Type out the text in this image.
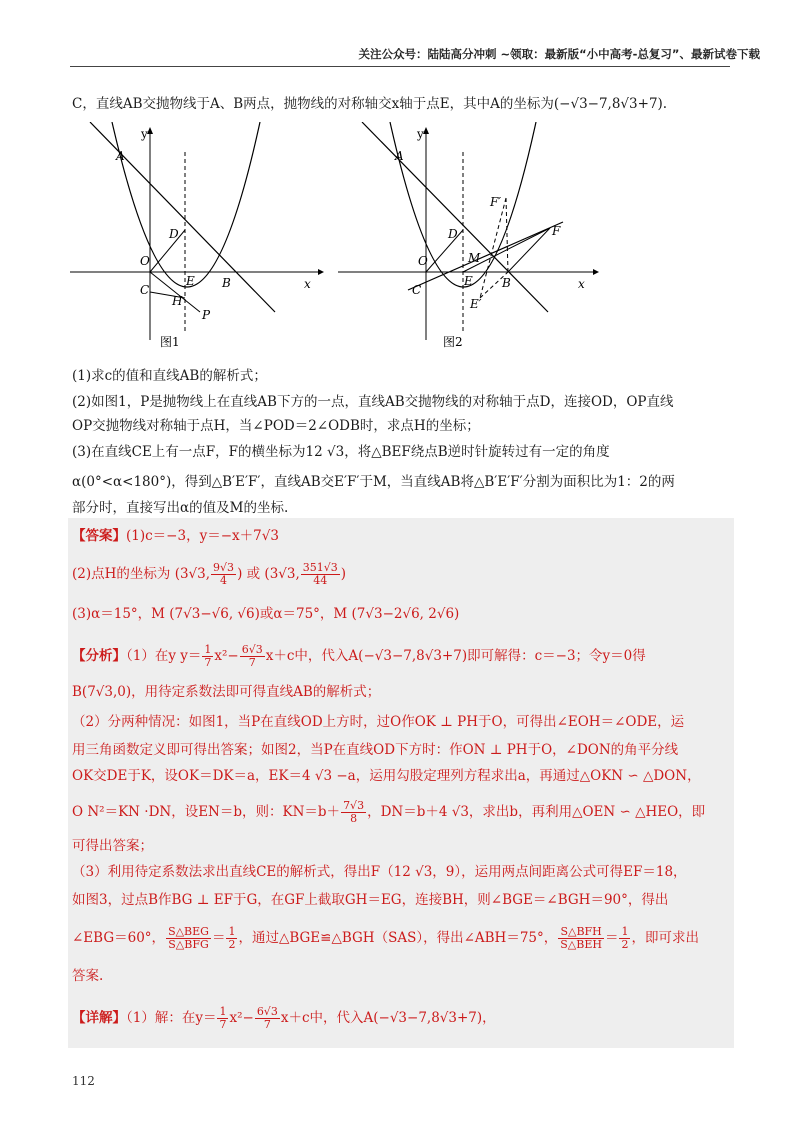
关注公众号：陆陆高分冲刺 ~领取：最新版“小中高考-总复习”、最新试卷下载
C，直线AB交抛物线于A、B两点，抛物线的对称轴交x轴于点E，其中A的坐标为(−√3−7,8√3+7).
y
A
D
O
C
E B
H
P
x
图1
y
A
F′
F
D
M
O
C
E B
E′
x
图2
(1)求c的值和直线AB的解析式；
(2)如图1，P是抛物线上在直线AB下方的一点，直线AB交抛物线的对称轴于点D，连接OD，OP直线
OP交抛物线对称轴于点H，当∠POD＝2∠ODB时，求点H的坐标；
(3)在直线CE上有一点F，F的横坐标为12 √3，将△BEF绕点B逆时针旋转过有一定的角度
α(0°<α<180°)，得到△B′E′F′，直线AB交E′F′于M，当直线AB将△B′E′F′分割为面积比为1：2的两
部分时，直接写出α的值及M的坐标.
【答案】(1)c＝−3，y＝−x＋7√3
(2)点H的坐标为 (3√3, $\frac{9√3}{4}$ ) 或 (3√3, $\frac{351√3}{44}$ )
(3)α＝15°，M (7√3−√6, √6)或α＝75°，M (7√3−2√6, 2√6)
【分析】（1）在y $y= \frac{1}{7} x^2- \frac{6√3}{7} x+c$中，代入A(−√3−7,8√3+7)即可解得：c＝−3；令y＝0得
B(7√3,0)，用待定系数法即可得直线AB的解析式；
（2）分两种情况：如图1，当P在直线OD上方时，过O作OK ⊥ PH于O，可得出∠EOH＝∠ODE，运
用三角函数定义即可得出答案；如图2，当P在直线OD下方时：作ON ⊥ PH于O，∠DON的角平分线
OK交DE于K，设OK＝DK＝a，EK＝4 √3 −a，运用勾股定理列方程求出a，再通过△OKN ∽ △DON，
O N²＝KN ·DN，设EN＝b，则：$KN=b+ \frac{7√3}{8}$ ，DN＝b＋4 √3，求出b，再利用△OEN ∽ △HEO，即
可得出答案；
（3）利用待定系数法求出直线CE的解析式，得出F（12 √3，9），运用两点间距离公式可得EF＝18，
如图3，过点B作BG ⊥ EF于G，在GF上截取GH＝EG，连接BH，则∠BGE＝∠BGH＝90°，得出
∠EBG＝60°， $\frac{\text{S△BEG}}{\text{S△BFG}} = \frac{1}{2}$ ，通过△BGE≌△BGH（SAS），得出∠ABH＝75°， $\frac{\text{S△BFH}}{\text{S△BEH}} = \frac{1}{2}$ ，即可求出
答案.
【详解】（1）解：在$y= \frac{1}{7} x^2- \frac{6√3}{7} x+c$中，代入A(−√3−7,8√3+7)，
112
